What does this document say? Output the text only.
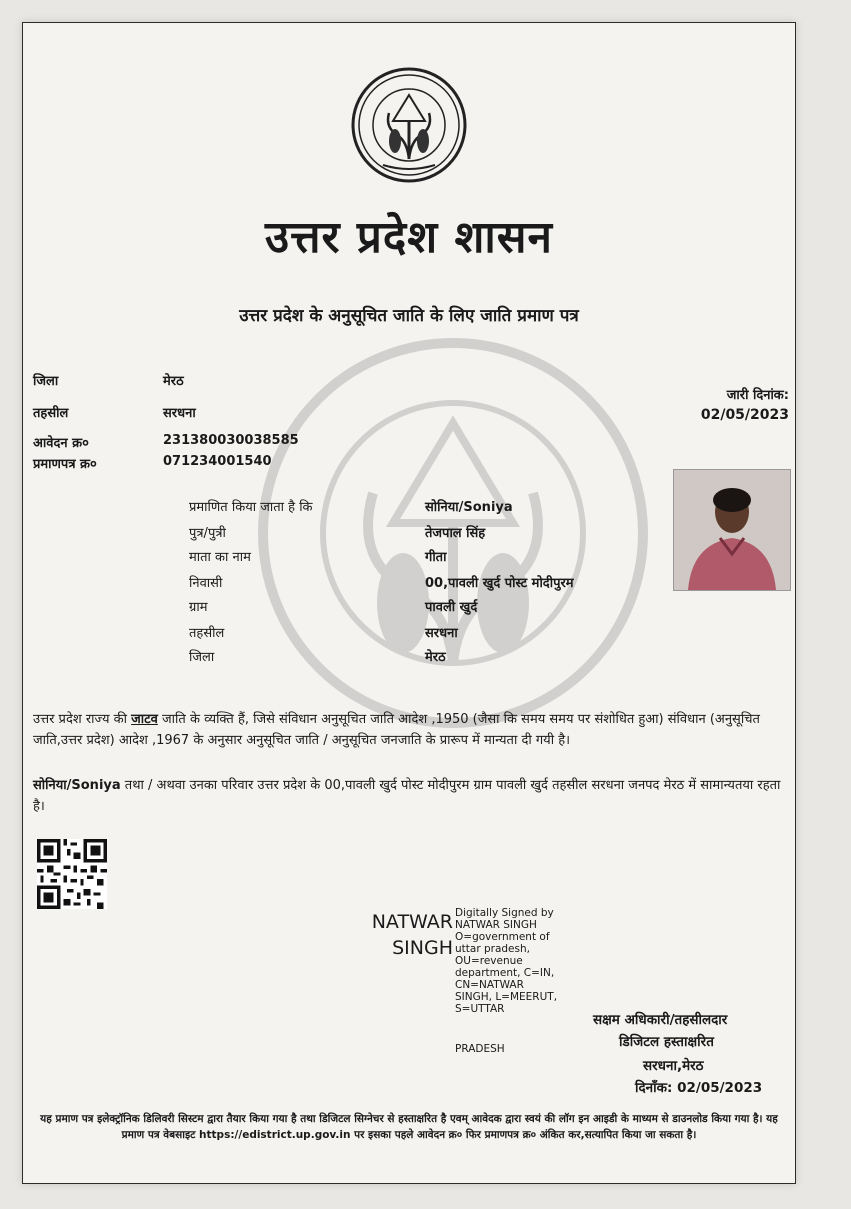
उत्तर प्रदेश शासन
उत्तर प्रदेश के अनुसूचित जाति के लिए जाति प्रमाण पत्र
जिला	मेरठ
तहसील	सरधना
आवेदन क्र०	231380030038585
प्रमाणपत्र क्र०	071234001540
जारी दिनांक:
02/05/2023
प्रमाणित किया जाता है कि	सोनिया/Soniya
पुत्र/पुत्री	तेजपाल सिंह
माता का नाम	गीता
निवासी	00,पावली खुर्द पोस्ट मोदीपुरम
ग्राम	पावली खुर्द
तहसील	सरधना
जिला	मेरठ
उत्तर प्रदेश राज्य की जाटव जाति के व्यक्ति हैं, जिसे संविधान अनुसूचित जाति आदेश ,1950 (जैसा कि समय समय पर संशोधित हुआ) संविधान (अनुसूचित जाति,उत्तर प्रदेश) आदेश ,1967 के अनुसार अनुसूचित जाति / अनुसूचित जनजाति के प्रारूप में मान्यता दी गयी है।
सोनिया/Soniya तथा / अथवा उनका परिवार उत्तर प्रदेश के 00,पावली खुर्द पोस्ट मोदीपुरम ग्राम पावली खुर्द तहसील सरधना जनपद मेरठ में सामान्यतया रहता है।
NATWAR
SINGH
Digitally Signed by
NATWAR SINGH
O=government of
uttar pradesh,
OU=revenue
department, C=IN,
CN=NATWAR
SINGH, L=MEERUT,
S=UTTAR
PRADESH
सक्षम अधिकारी/तहसीलदार
डिजिटल हस्ताक्षरित
सरधना,मेरठ
दिनाँक: 02/05/2023
यह प्रमाण पत्र इलेक्ट्रॉनिक डिलिवरी सिस्टम द्वारा तैयार किया गया है तथा डिजिटल सिग्नेचर से हस्ताक्षरित है एवम् आवेदक द्वारा स्वयं की लॉग इन आइडी के माध्यम से डाउनलोड किया गया है। यह प्रमाण पत्र वेबसाइट https://edistrict.up.gov.in पर इसका पहले आवेदन क्र० फिर प्रमाणपत्र क्र० अंकित कर,सत्यापित किया जा सकता है।
